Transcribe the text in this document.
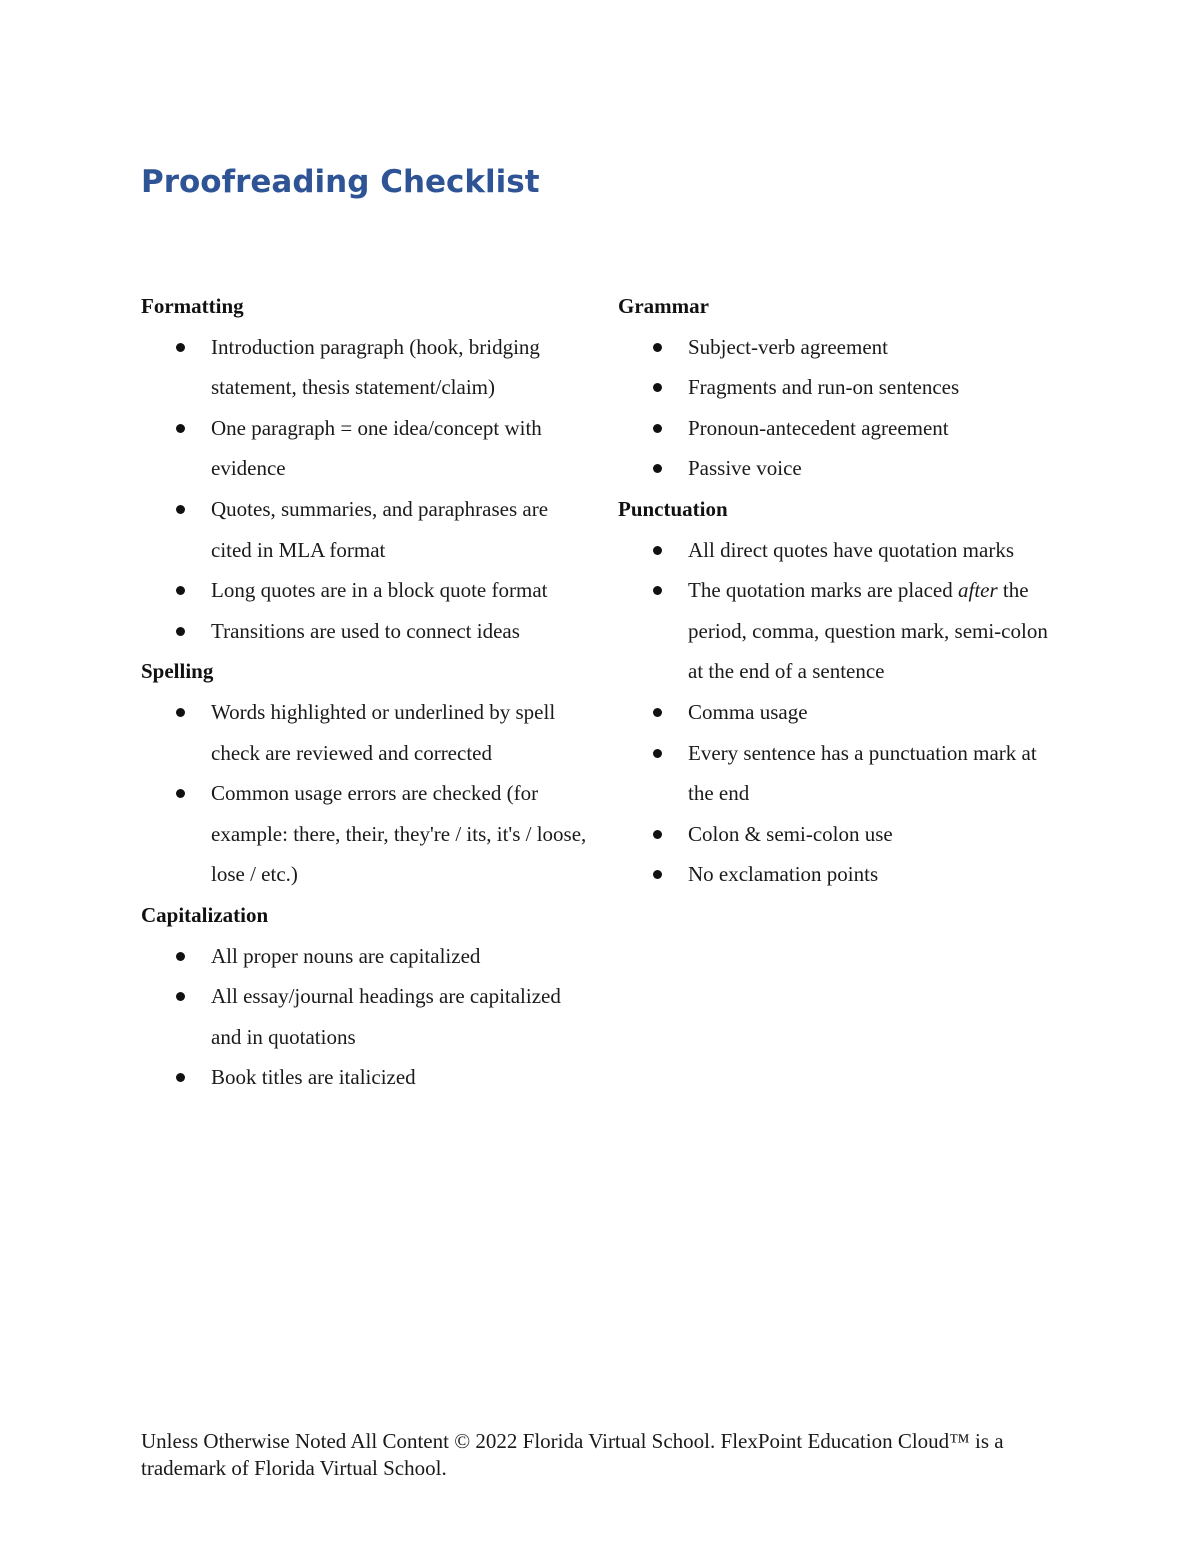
Proofreading Checklist
Formatting
Introduction paragraph (hook, bridging statement, thesis statement/claim)
One paragraph = one idea/concept with evidence
Quotes, summaries, and paraphrases are cited in MLA format
Long quotes are in a block quote format
Transitions are used to connect ideas
Spelling
Words highlighted or underlined by spell check are reviewed and corrected
Common usage errors are checked (for example: there, their, they're / its, it's / loose, lose / etc.)
Capitalization
All proper nouns are capitalized
All essay/journal headings are capitalized and in quotations
Book titles are italicized
Grammar
Subject-verb agreement
Fragments and run-on sentences
Pronoun-antecedent agreement
Passive voice
Punctuation
All direct quotes have quotation marks
The quotation marks are placed after the period, comma, question mark, semi-colon at the end of a sentence
Comma usage
Every sentence has a punctuation mark at the end
Colon & semi-colon use
No exclamation points

Unless Otherwise Noted All Content © 2022 Florida Virtual School. FlexPoint Education Cloud™ is a trademark of Florida Virtual School.
